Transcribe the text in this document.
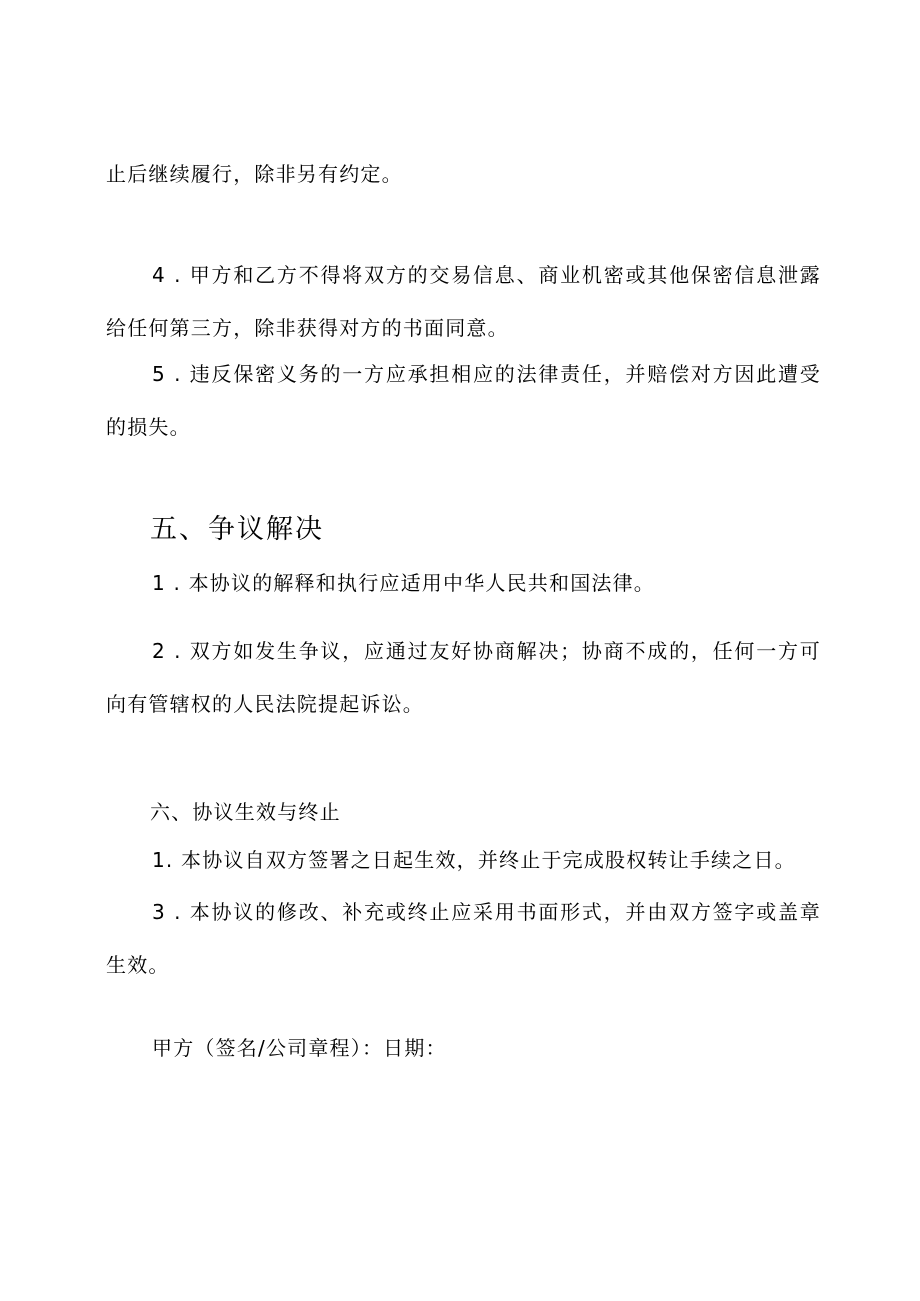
止后继续履行，除非另有约定。

4 . 甲方和乙方不得将双方的交易信息、商业机密或其他保密信息泄露给任何第三方，除非获得对方的书面同意。

5 . 违反保密义务的一方应承担相应的法律责任，并赔偿对方因此遭受的损失。

五、争议解决

1 . 本协议的解释和执行应适用中华人民共和国法律。

2 . 双方如发生争议，应通过友好协商解决；协商不成的，任何一方可向有管辖权的人民法院提起诉讼。

六、协议生效与终止

1. 本协议自双方签署之日起生效，并终止于完成股权转让手续之日。

3 . 本协议的修改、补充或终止应采用书面形式，并由双方签字或盖章生效。

甲方（签名/公司章程）：日期：
